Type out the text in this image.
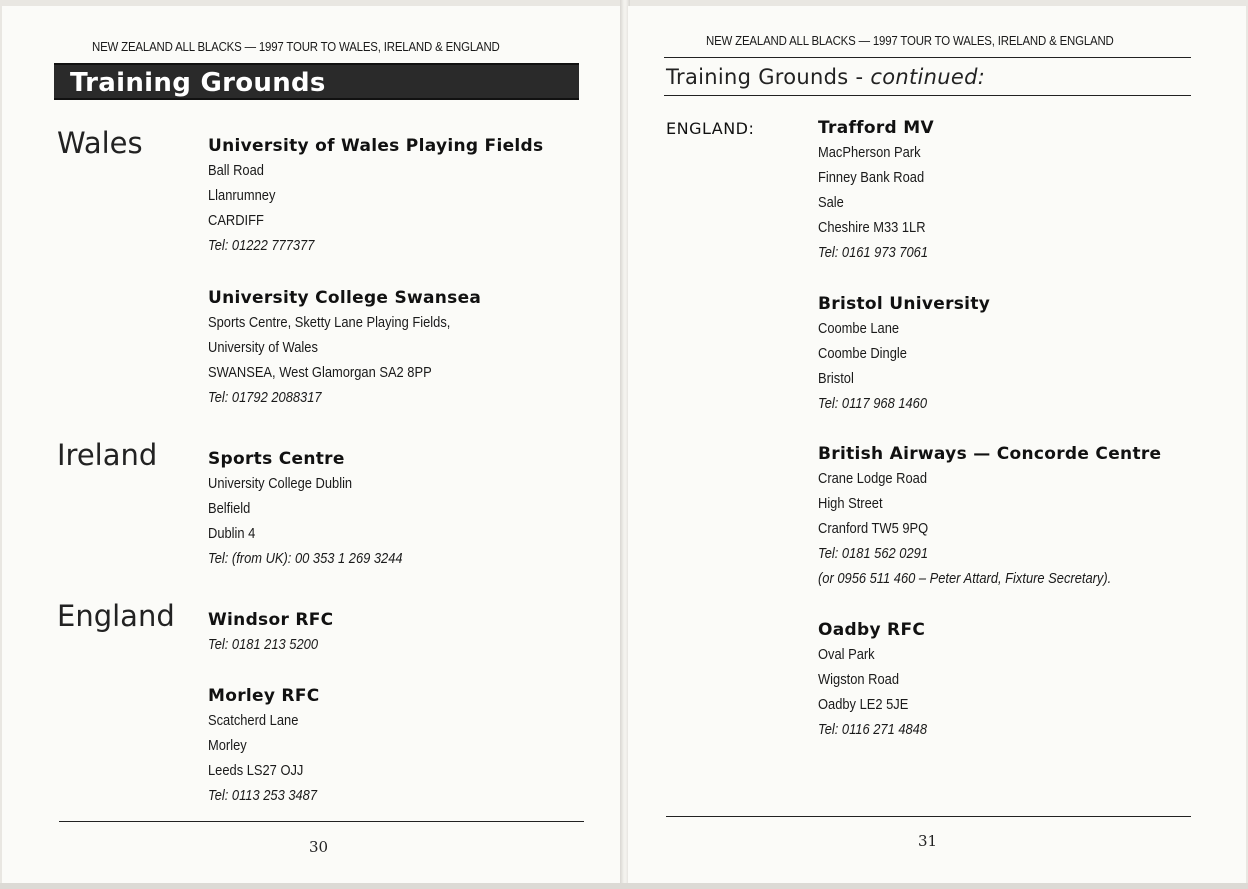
NEW ZEALAND ALL BLACKS — 1997 TOUR TO WALES, IRELAND & ENGLAND
Training Grounds
Wales
Ireland
England
University of Wales Playing Fields
Ball Road
Llanrumney
CARDIFF
Tel: 01222 777377
University College Swansea
Sports Centre, Sketty Lane Playing Fields,
University of Wales
SWANSEA, West Glamorgan SA2 8PP
Tel: 01792 2088317
Sports Centre
University College Dublin
Belfield
Dublin 4
Tel: (from UK): 00 353 1 269 3244
Windsor RFC
Tel: 0181 213 5200
Morley RFC
Scatcherd Lane
Morley
Leeds LS27 OJJ
Tel: 0113 253 3487
30
NEW ZEALAND ALL BLACKS — 1997 TOUR TO WALES, IRELAND & ENGLAND
Training Grounds - continued:
ENGLAND:	Trafford MV
MacPherson Park
Finney Bank Road
Sale
Cheshire M33 1LR
Tel: 0161 973 7061
Bristol University
Coombe Lane
Coombe Dingle
Bristol
Tel: 0117 968 1460
British Airways — Concorde Centre
Crane Lodge Road
High Street
Cranford TW5 9PQ
Tel: 0181 562 0291
(or 0956 511 460 – Peter Attard, Fixture Secretary).
Oadby RFC
Oval Park
Wigston Road
Oadby LE2 5JE
Tel: 0116 271 4848
31
